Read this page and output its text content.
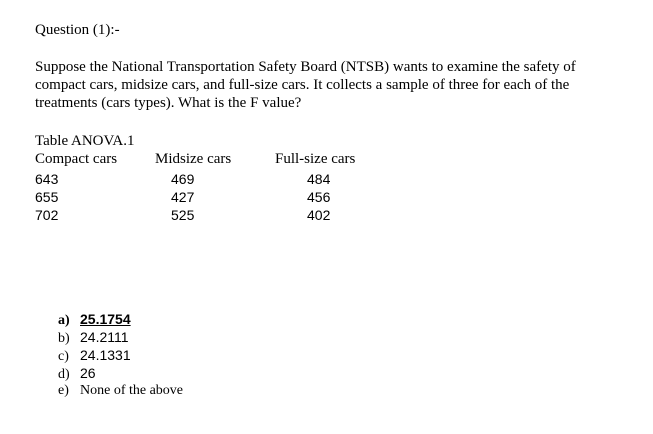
Question (1):-
Suppose the National Transportation Safety Board (NTSB) wants to examine the safety of
compact cars, midsize cars, and full-size cars. It collects a sample of three for each of the
treatments (cars types). What is the F value?
Table ANOVA.1
Compact cars	Midsize cars	Full-size cars
643	469	484
655	427	456
702	525	402
a) 25.1754
b) 24.2111
c) 24.1331
d) 26
e) None of the above
